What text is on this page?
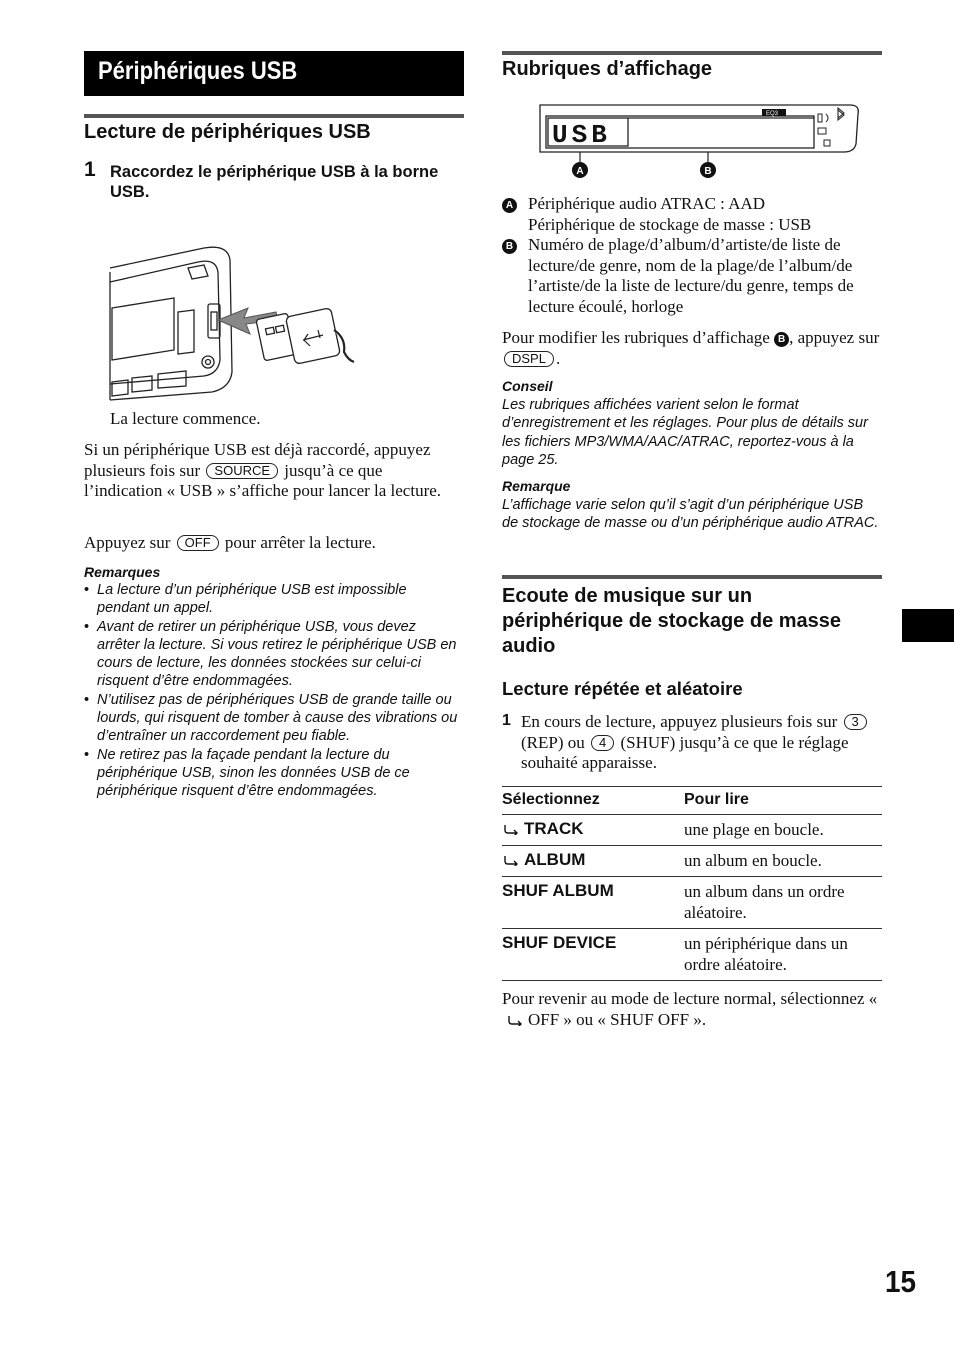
Périphériques USB
Lecture de périphériques USB
1 Raccordez le périphérique USB à la borne USB.
La lecture commence.
Si un périphérique USB est déjà raccordé, appuyez plusieurs fois sur SOURCE jusqu’à ce que l’indication « USB » s’affiche pour lancer la lecture.
Appuyez sur OFF pour arrêter la lecture.
Remarques
• La lecture d’un périphérique USB est impossible pendant un appel.
• Avant de retirer un périphérique USB, vous devez arrêter la lecture. Si vous retirez le périphérique USB en cours de lecture, les données stockées sur celui-ci risquent d’être endommagées.
• N’utilisez pas de périphériques USB de grande taille ou lourds, qui risquent de tomber à cause des vibrations ou d’entraîner un raccordement peu fiable.
• Ne retirez pas la façade pendant la lecture du périphérique USB, sinon les données USB de ce périphérique risquent d’être endommagées.
Rubriques d’affichage
USB
EQ3
A	B
A Périphérique audio ATRAC : AAD
Périphérique de stockage de masse : USB
B Numéro de plage/d’album/d’artiste/de liste de lecture/de genre, nom de la plage/de l’album/de l’artiste/de la liste de lecture/du genre, temps de lecture écoulé, horloge
Pour modifier les rubriques d’affichage B , appuyez sur DSPL .
Conseil
Les rubriques affichées varient selon le format d’enregistrement et les réglages. Pour plus de détails sur les fichiers MP3/WMA/AAC/ATRAC, reportez-vous à la page 25.
Remarque
L’affichage varie selon qu’il s’agit d’un périphérique USB de stockage de masse ou d’un périphérique audio ATRAC.
Ecoute de musique sur un périphérique de stockage de masse audio
Lecture répétée et aléatoire
1 En cours de lecture, appuyez plusieurs fois sur 3 (REP) ou 4 (SHUF) jusqu’à ce que le réglage souhaité apparaisse.
Sélectionnez	Pour lire
TRACK	une plage en boucle.
ALBUM	un album en boucle.
SHUF ALBUM	un album dans un ordre aléatoire.
SHUF DEVICE	un périphérique dans un ordre aléatoire.
Pour revenir au mode de lecture normal, sélectionnez « OFF » ou « SHUF OFF ».
15
